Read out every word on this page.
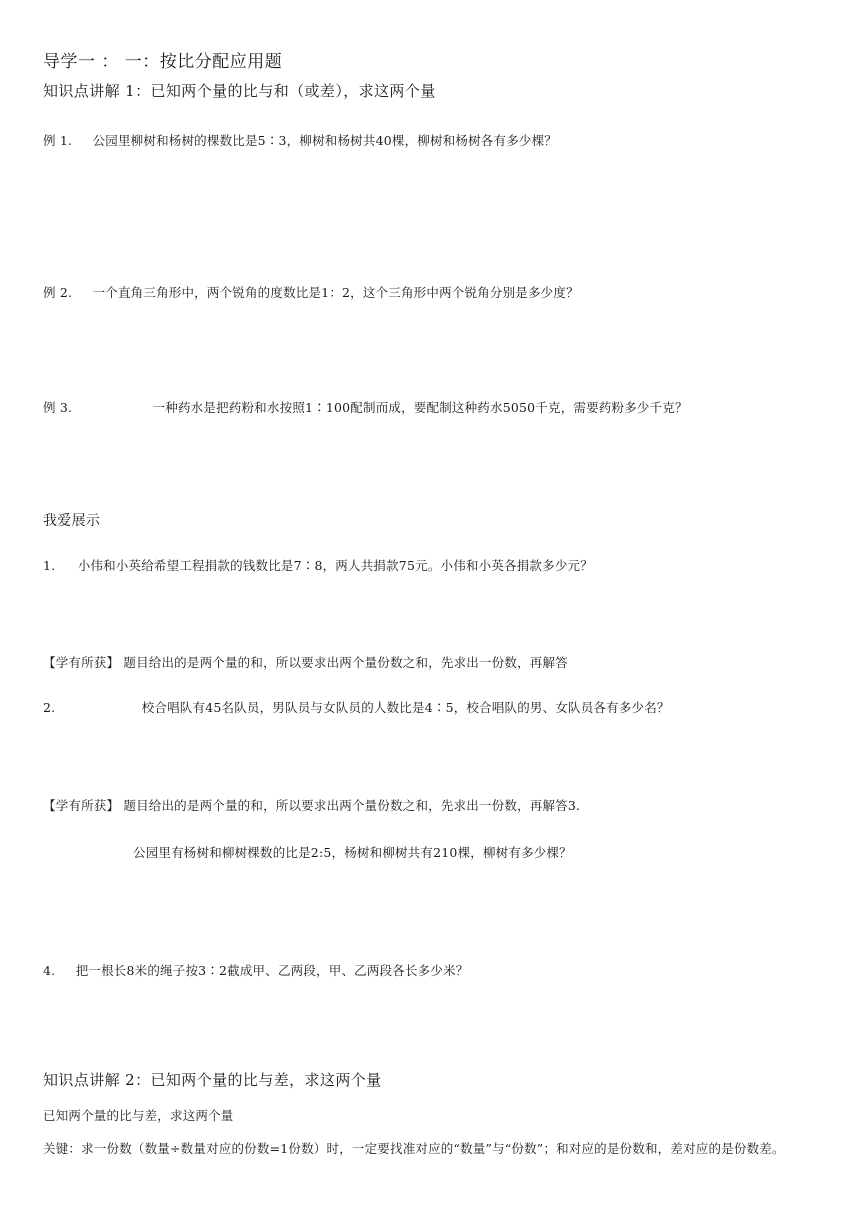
导学一 ： 一：按比分配应用题
知识点讲解 1：已知两个量的比与和（或差），求这两个量
例 1. 公园里柳树和杨树的棵数比是5∶3，柳树和杨树共40棵，柳树和杨树各有多少棵？
例 2. 一个直角三角形中，两个锐角的度数比是1：2，这个三角形中两个锐角分别是多少度？
例 3.	一种药水是把药粉和水按照1∶100配制而成，要配制这种药水5050千克，需要药粉多少千克？
我爱展示
1. 小伟和小英给希望工程捐款的钱数比是7∶8，两人共捐款75元。小伟和小英各捐款多少元？
【学有所获】 题目给出的是两个量的和，所以要求出两个量份数之和，先求出一份数，再解答
2.	校合唱队有45名队员，男队员与女队员的人数比是4∶5，校合唱队的男、女队员各有多少名？
【学有所获】 题目给出的是两个量的和，所以要求出两个量份数之和，先求出一份数，再解答3.
公园里有杨树和柳树棵数的比是2:5，杨树和柳树共有210棵，柳树有多少棵？
4. 把一根长8米的绳子按3∶2截成甲、乙两段，甲、乙两段各长多少米？
知识点讲解 2：已知两个量的比与差，求这两个量
已知两个量的比与差，求这两个量
关键：求一份数（数量÷数量对应的份数=1份数）时，一定要找准对应的“数量”与“份数”；和对应的是份数和，差对应的是份数差。
